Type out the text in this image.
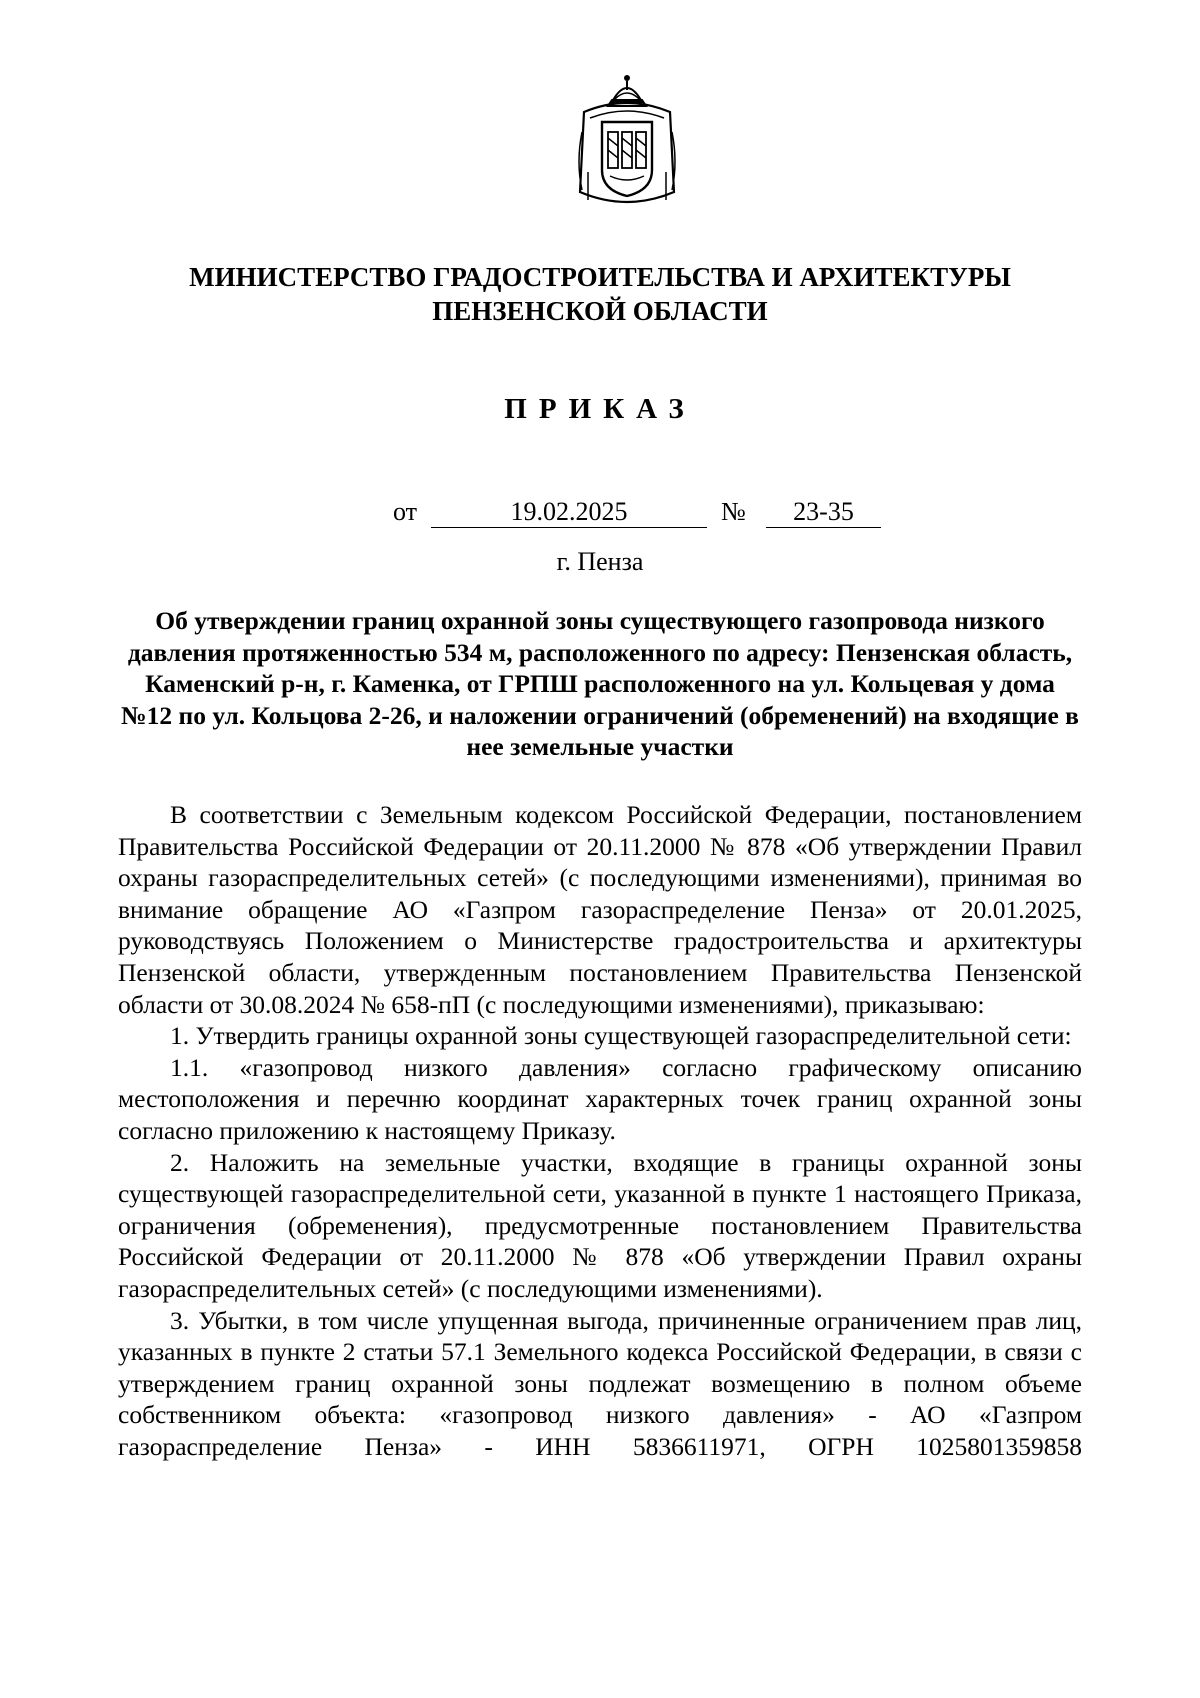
МИНИСТЕРСТВО ГРАДОСТРОИТЕЛЬСТВА И АРХИТЕКТУРЫ
ПЕНЗЕНСКОЙ ОБЛАСТИ
ПРИКАЗ
от	19.02.2025	№	23-35
г. Пенза
Об утверждении границ охранной зоны существующего газопровода низкого давления протяженностью 534 м, расположенного по адресу: Пензенская область, Каменский р-н, г. Каменка, от ГРПШ расположенного на ул. Кольцевая у дома №12 по ул. Кольцова 2-26, и наложении ограничений (обременений) на входящие в нее земельные участки

В соответствии с Земельным кодексом Российской Федерации, постановлением Правительства Российской Федерации от 20.11.2000 № 878 «Об утверждении Правил охраны газораспределительных сетей» (с последующими изменениями), принимая во внимание обращение АО «Газпром газораспределение Пенза» от 20.01.2025, руководствуясь Положением о Министерстве градостроительства и архитектуры Пензенской области, утвержденным постановлением Правительства Пензенской области от 30.08.2024 № 658-пП (с последующими изменениями), приказываю:

1. Утвердить границы охранной зоны существующей газораспределительной сети:

1.1. «газопровод низкого давления» согласно графическому описанию местоположения и перечню координат характерных точек границ охранной зоны согласно приложению к настоящему Приказу.

2. Наложить на земельные участки, входящие в границы охранной зоны существующей газораспределительной сети, указанной в пункте 1 настоящего Приказа, ограничения (обременения), предусмотренные постановлением Правительства Российской Федерации от 20.11.2000 № 878 «Об утверждении Правил охраны газораспределительных сетей» (с последующими изменениями).

3. Убытки, в том числе упущенная выгода, причиненные ограничением прав лиц, указанных в пункте 2 статьи 57.1 Земельного кодекса Российской Федерации, в связи с утверждением границ охранной зоны подлежат возмещению в полном объеме собственником объекта: «газопровод низкого давления» - АО «Газпром газораспределение Пенза» - ИНН 5836611971, ОГРН 1025801359858
